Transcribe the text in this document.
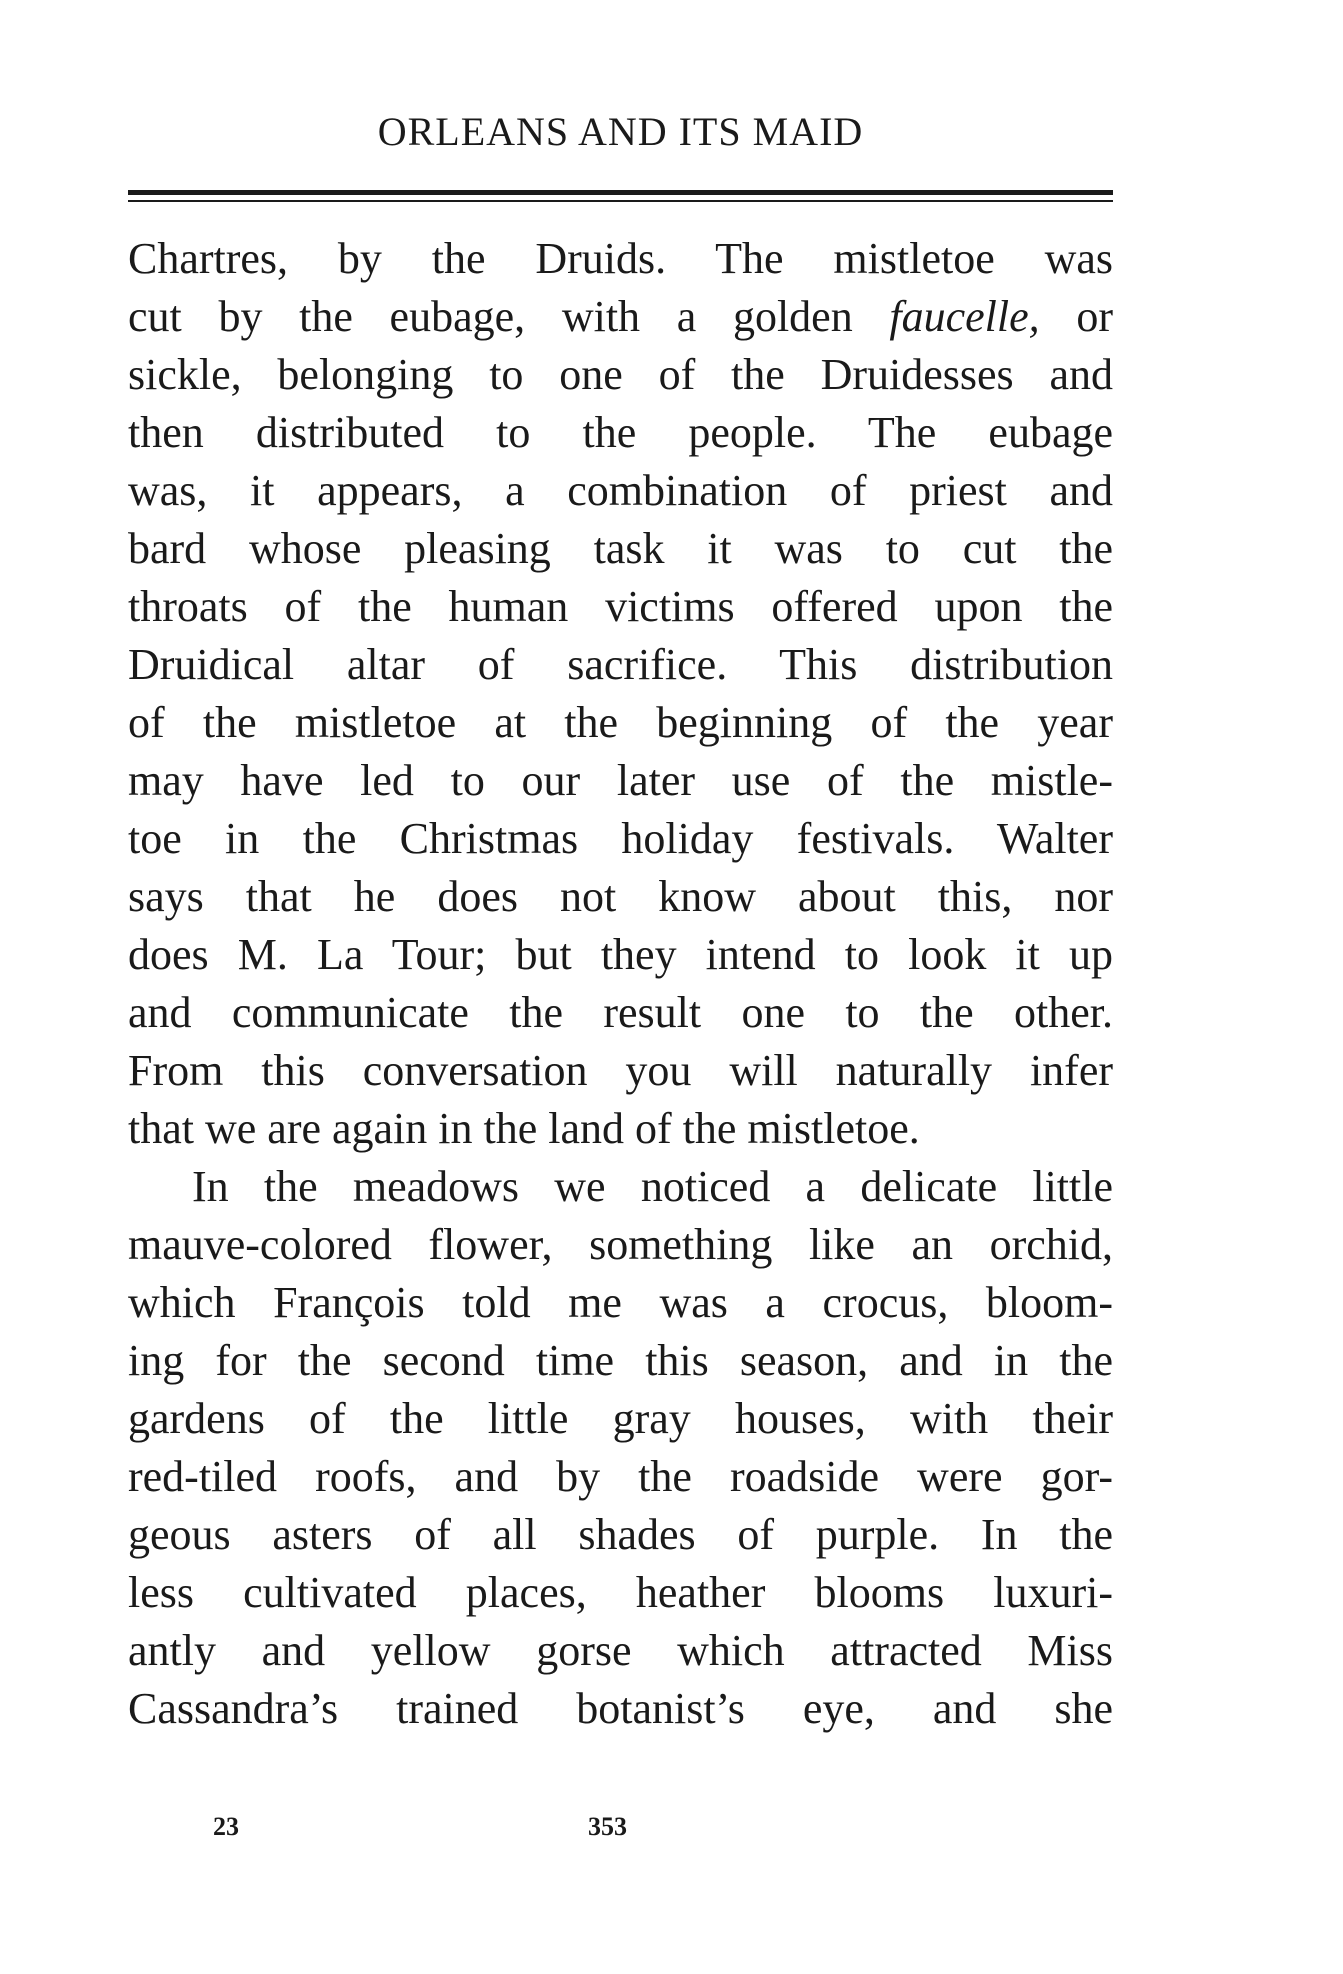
ORLEANS AND ITS MAID
Chartres, by the Druids. The mistletoe was
cut by the eubage, with a golden faucelle, or
sickle, belonging to one of the Druidesses and
then distributed to the people. The eubage
was, it appears, a combination of priest and
bard whose pleasing task it was to cut the
throats of the human victims offered upon the
Druidical altar of sacrifice. This distribution
of the mistletoe at the beginning of the year
may have led to our later use of the mistle-
toe in the Christmas holiday festivals. Walter
says that he does not know about this, nor
does M. La Tour; but they intend to look it up
and communicate the result one to the other.
From this conversation you will naturally infer
that we are again in the land of the mistletoe.
In the meadows we noticed a delicate little
mauve-colored flower, something like an orchid,
which François told me was a crocus, bloom-
ing for the second time this season, and in the
gardens of the little gray houses, with their
red-tiled roofs, and by the roadside were gor-
geous asters of all shades of purple. In the
less cultivated places, heather blooms luxuri-
antly and yellow gorse which attracted Miss
Cassandra’s trained botanist’s eye, and she
23	353
